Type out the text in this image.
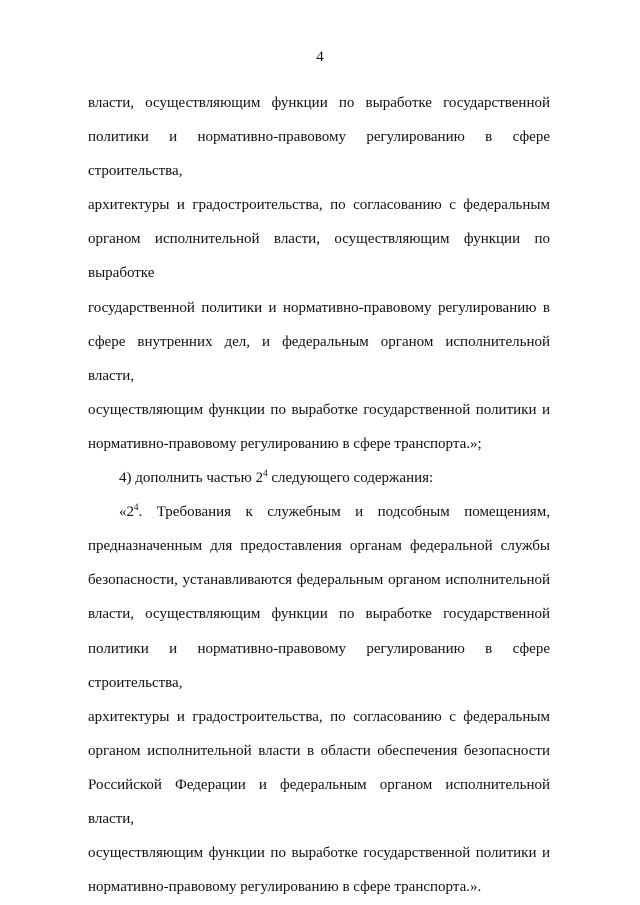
4

власти, осуществляющим функции по выработке государственной
политики и нормативно-правовому регулированию в сфере строительства,
архитектуры и градостроительства, по согласованию с федеральным
органом исполнительной власти, осуществляющим функции по выработке
государственной политики и нормативно-правовому регулированию в
сфере внутренних дел, и федеральным органом исполнительной власти,
осуществляющим функции по выработке государственной политики и
нормативно-правовому регулированию в сфере транспорта.»;

4) дополнить частью $2^4$ следующего содержания:

«$2^4$. Требования к служебным и подсобным помещениям,
предназначенным для предоставления органам федеральной службы
безопасности, устанавливаются федеральным органом исполнительной
власти, осуществляющим функции по выработке государственной
политики и нормативно-правовому регулированию в сфере строительства,
архитектуры и градостроительства, по согласованию с федеральным
органом исполнительной власти в области обеспечения безопасности
Российской Федерации и федеральным органом исполнительной власти,
осуществляющим функции по выработке государственной политики и
нормативно-правовому регулированию в сфере транспорта.».
